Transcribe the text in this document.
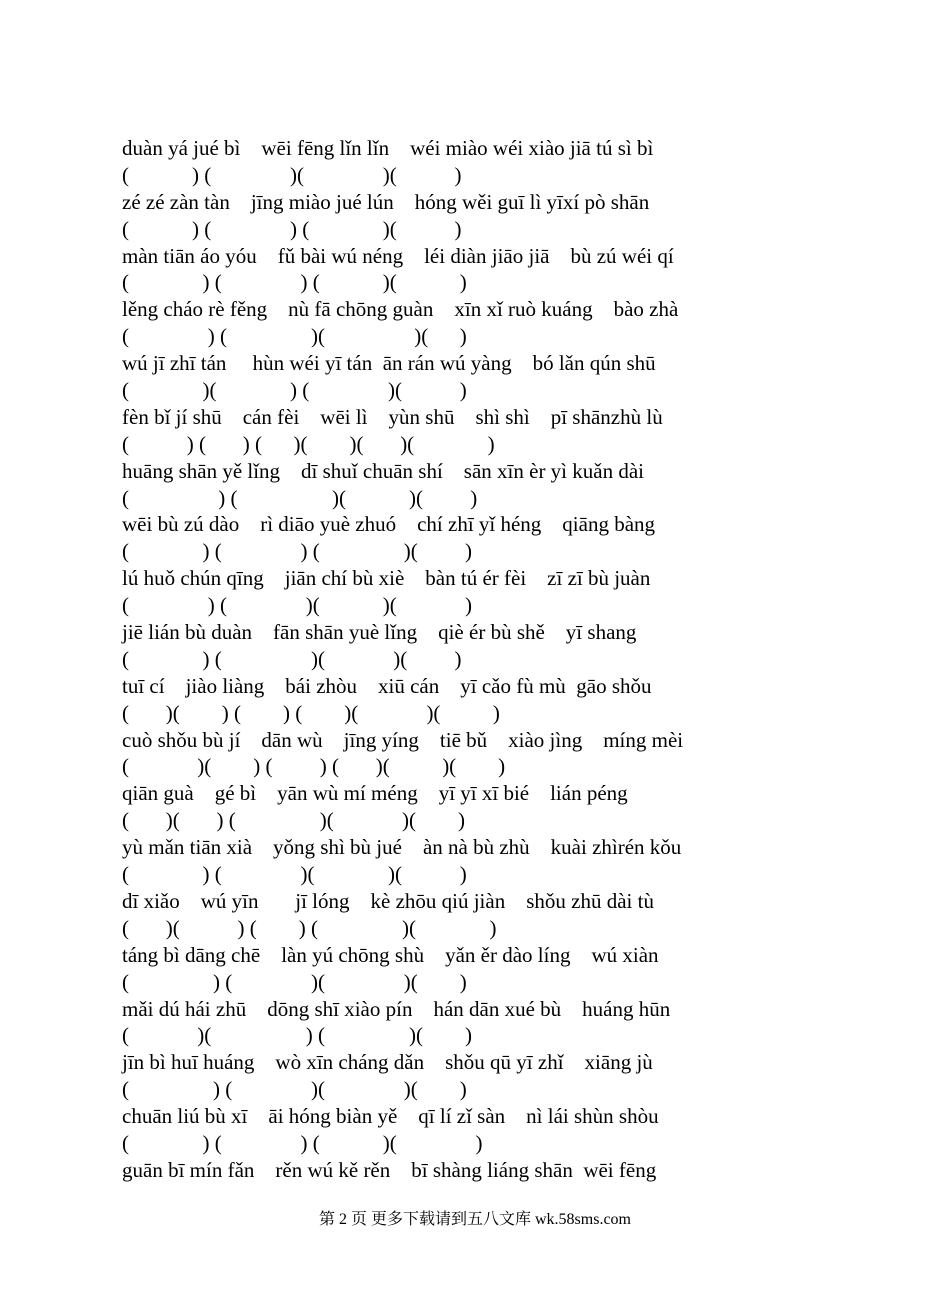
duàn yá jué bì    wēi fēng lǐn lǐn    wéi miào wéi xiào jiā tú sì bì
(            ) (               )(               )(           )
zé zé zàn tàn    jīng miào jué lún    hóng wěi guī lì yīxí pò shān
(            ) (               ) (              )(           )
màn tiān áo yóu    fǔ bài wú néng    léi diàn jiāo jiā    bù zú wéi qí
(              ) (               ) (            )(            )
lěng cháo rè fěng    nù fā chōng guàn    xīn xǐ ruò kuáng    bào zhà
(               ) (                )(                 )(      )
wú jī zhī tán     hùn wéi yī tán  ān rán wú yàng    bó lǎn qún shū
(              )(              ) (               )(           )
fèn bǐ jí shū    cán fèi    wēi lì    yùn shū    shì shì    pī shānzhù lù
(           ) (       ) (      )(        )(       )(              )
huāng shān yě lǐng    dī shuǐ chuān shí    sān xīn èr yì kuǎn dài
(                 ) (                  )(            )(         )
wēi bù zú dào    rì diāo yuè zhuó    chí zhī yǐ héng    qiāng bàng
(              ) (               ) (                )(         )
lú huǒ chún qīng    jiān chí bù xiè    bàn tú ér fèi    zī zī bù juàn
(               ) (               )(            )(             )
jiē lián bù duàn    fān shān yuè lǐng    qiè ér bù shě    yī shang
(              ) (                 )(             )(         )
tuī cí    jiào liàng    bái zhòu    xiū cán    yī cǎo fù mù  gāo shǒu
(       )(        ) (        ) (        )(             )(          )
cuò shǒu bù jí    dān wù    jīng yíng    tiē bǔ    xiào jìng    míng mèi
(             )(        ) (         ) (       )(          )(        )
qiān guà    gé bì    yān wù mí méng    yī yī xī bié    lián péng
(       )(       ) (                )(             )(        )
yù mǎn tiān xià    yǒng shì bù jué    àn nà bù zhù    kuài zhìrén kǒu
(              ) (               )(              )(           )
dī xiǎo    wú yīn       jī lóng    kè zhōu qiú jiàn    shǒu zhū dài tù
(       )(           ) (        ) (                )(              )
táng bì dāng chē    làn yú chōng shù    yǎn ěr dào líng    wú xiàn
(                ) (               )(               )(        )
mǎi dú hái zhū    dōng shī xiào pín    hán dān xué bù    huáng hūn
(             )(                  ) (                )(        )
jīn bì huī huáng    wò xīn cháng dǎn    shǒu qū yī zhǐ    xiāng jù
(                ) (               )(               )(        )
chuān liú bù xī    āi hóng biàn yě    qī lí zǐ sàn    nì lái shùn shòu
(              ) (               ) (            )(               )
guān bī mín fǎn    rěn wú kě rěn    bī shàng liáng shān  wēi fēng
第 2 页 更多下载请到五八文库 wk.58sms.com
